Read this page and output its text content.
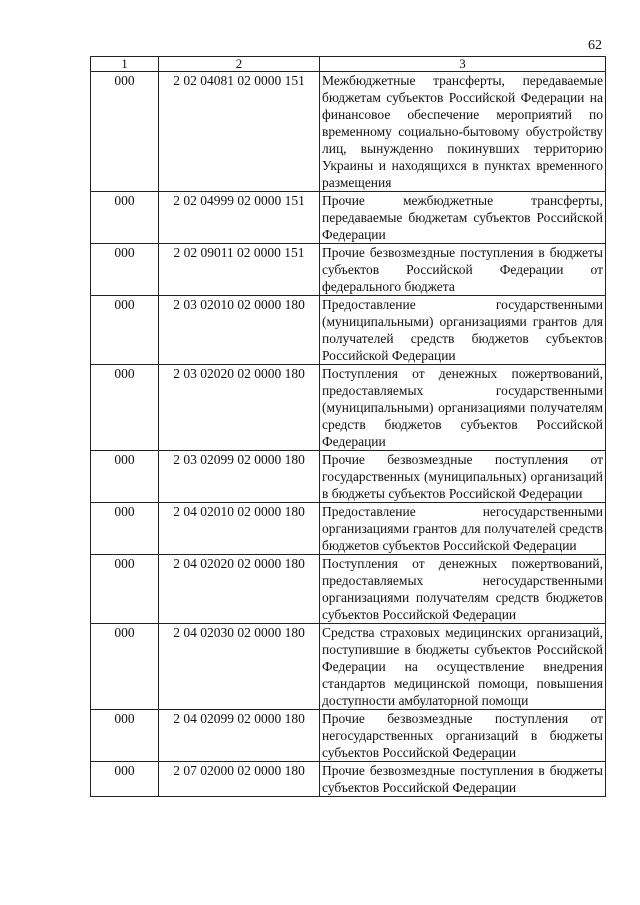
62
1	2	3
000	2 02 04081 02 0000 151	Межбюджетные трансферты, передаваемые бюджетам субъектов Российской Федерации на финансовое обеспечение мероприятий по временному социально-бытовому обустройству лиц, вынужденно покинувших территорию Украины и находящихся в пунктах временного размещения
000	2 02 04999 02 0000 151	Прочие межбюджетные трансферты, передаваемые бюджетам субъектов Российской Федерации
000	2 02 09011 02 0000 151	Прочие безвозмездные поступления в бюджеты субъектов Российской Федерации от федерального бюджета
000	2 03 02010 02 0000 180	Предоставление государственными (муниципальными) организациями грантов для получателей средств бюджетов субъектов Российской Федерации
000	2 03 02020 02 0000 180	Поступления от денежных пожертвований, предоставляемых государственными (муниципальными) организациями получателям средств бюджетов субъектов Российской Федерации
000	2 03 02099 02 0000 180	Прочие безвозмездные поступления от государственных (муниципальных) организаций в бюджеты субъектов Российской Федерации
000	2 04 02010 02 0000 180	Предоставление негосударственными организациями грантов для получателей средств бюджетов субъектов Российской Федерации
000	2 04 02020 02 0000 180	Поступления от денежных пожертвований, предоставляемых негосударственными организациями получателям средств бюджетов субъектов Российской Федерации
000	2 04 02030 02 0000 180	Средства страховых медицинских организаций, поступившие в бюджеты субъектов Российской Федерации на осуществление внедрения стандартов медицинской помощи, повышения доступности амбулаторной помощи
000	2 04 02099 02 0000 180	Прочие безвозмездные поступления от негосударственных организаций в бюджеты субъектов Российской Федерации
000	2 07 02000 02 0000 180	Прочие безвозмездные поступления в бюджеты субъектов Российской Федерации
